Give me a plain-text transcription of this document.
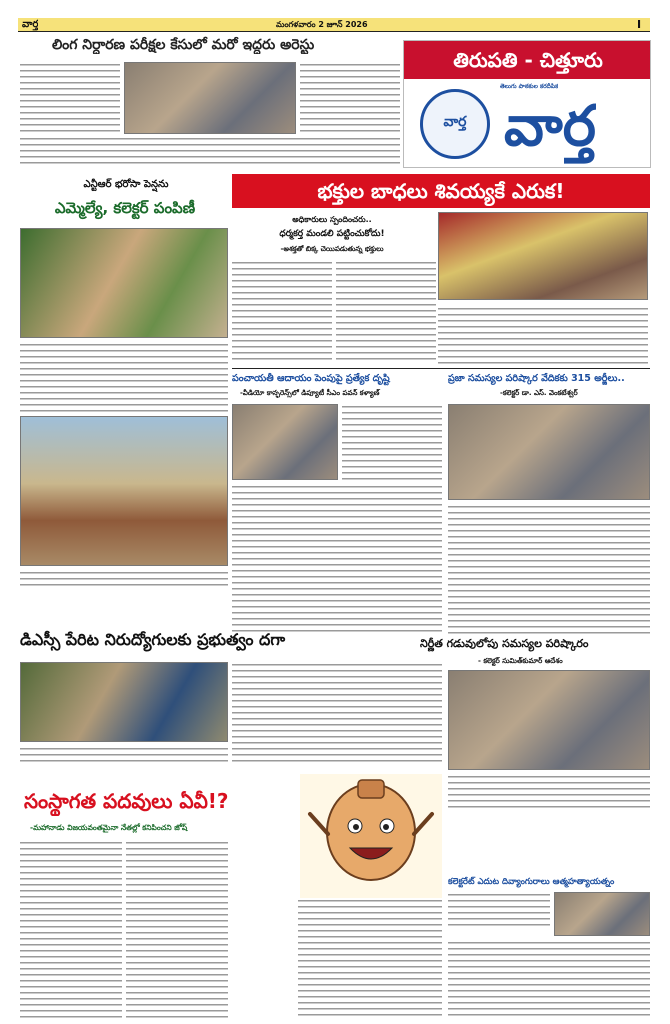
వార్త	మంగళవారం 2 జూన్ 2026	I
లింగ నిర్ధారణ పరీక్షల కేసులో మరో ఇద్దరు అరెస్టు
తిరుపతి - చిత్తూరు
వార్త
తెలుగు పాఠకుల కరదీపిక
వార్త
ఎన్టీఆర్ భరోసా పెన్షను
ఎమ్మెల్యే, కలెక్టర్ పంపిణీ
భక్తుల బాధలు శివయ్యకే ఎరుక!
అధికారులు స్పందించరు..
ధర్మకర్త మండలి పట్టించుకోదు!
-అశక్తతో బిక్క చెయిపడుతున్న భక్తులు
పంచాయతీ ఆదాయం పెంపుపై ప్రత్యేక దృష్టి
-వీడియో కాన్ఫరెన్స్‌లో డిప్యూటీ సీఎం పవన్ కళ్యాణ్
ప్రజా సమస్యల పరిష్కార వేదికకు 315 అర్జీలు..
-కలెక్టర్ డా. ఎస్. వెంకటేశ్వర్
డిఎస్సీ పేరిట నిరుద్యోగులకు ప్రభుత్వం దగా	నిర్ణీత గడువులోపు సమస్యల పరిష్కారం
- కలెక్టర్ సుమిత్‌కుమార్ ఆదేశం
సంస్థాగత పదవులు ఏవీ!?
-మహానాడు విజయవంతమైనా నేతల్లో కనిపించని జోష్
కలెక్టరేట్ ఎదుట దివ్యాంగురాలు ఆత్మహత్యాయత్నం
